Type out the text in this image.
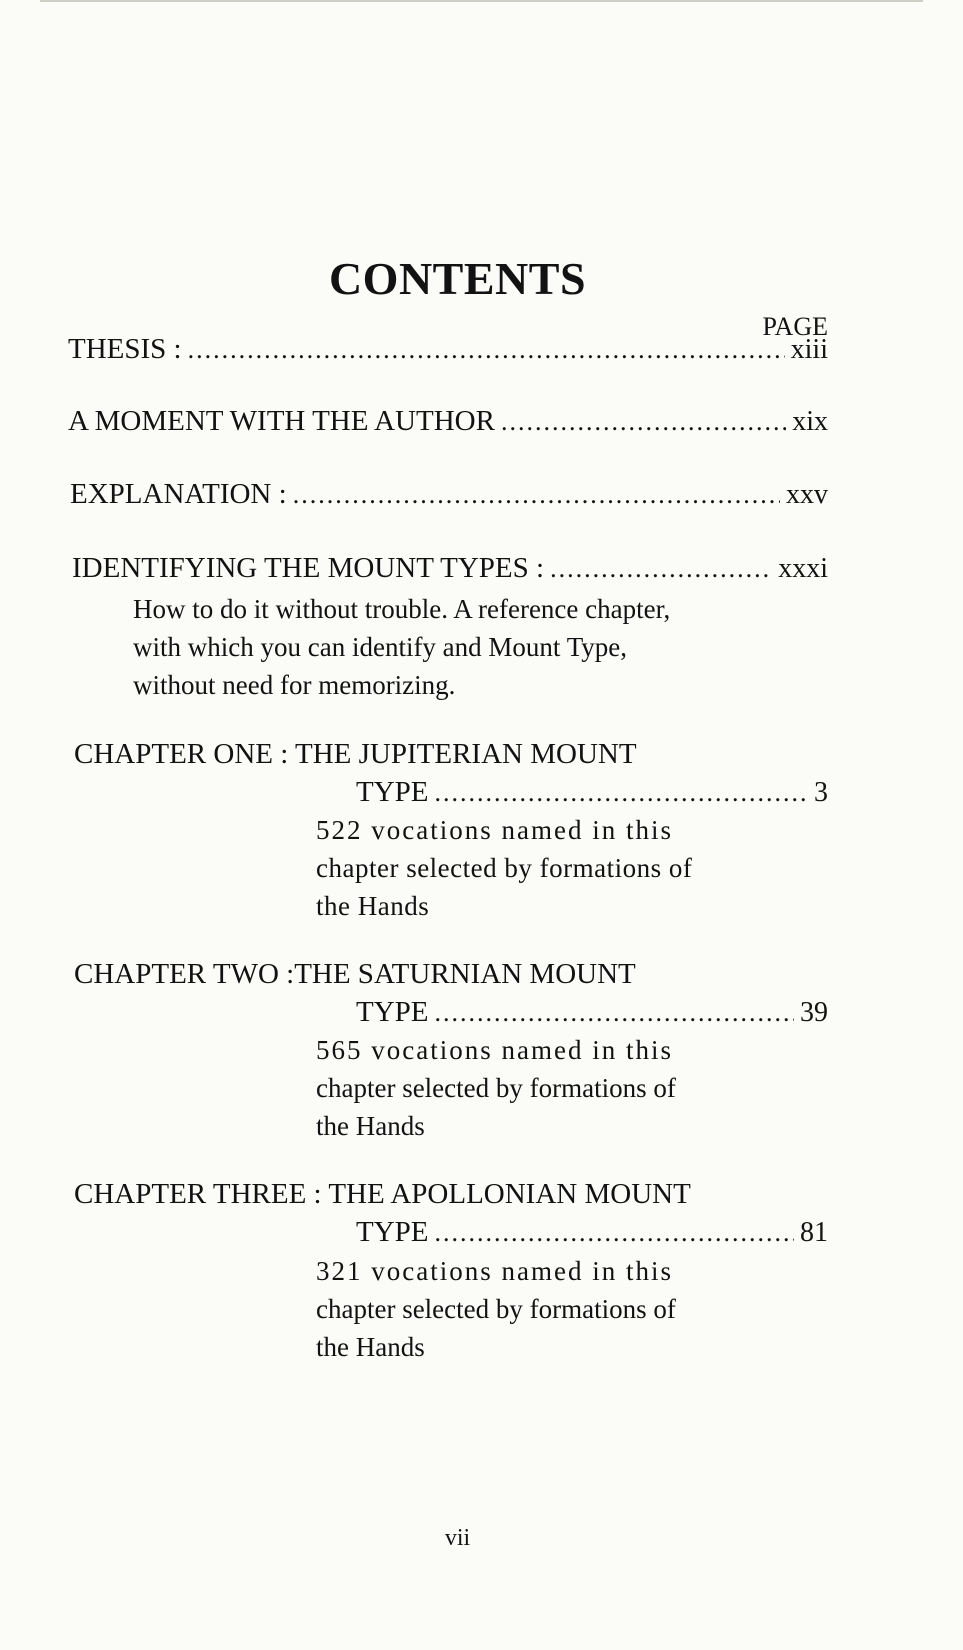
CONTENTS
PAGE
THESIS : .....	xiii
A MOMENT WITH THE AUTHOR .....	xix
EXPLANATION : .....	xxv
IDENTIFYING THE MOUNT TYPES : .....	xxxi
How to do it without trouble. A reference chapter,
with which you can identify and Mount Type,
without need for memorizing.
CHAPTER ONE : THE JUPITERIAN MOUNT
TYPE .....	3
522 vocations named in this
chapter selected by formations of
the Hands
CHAPTER TWO :THE SATURNIAN MOUNT
TYPE .....	39
565 vocations named in this
chapter selected by formations of
the Hands
CHAPTER THREE : THE APOLLONIAN MOUNT
TYPE .....	81
321 vocations named in this
chapter selected by formations of
the Hands
vii
